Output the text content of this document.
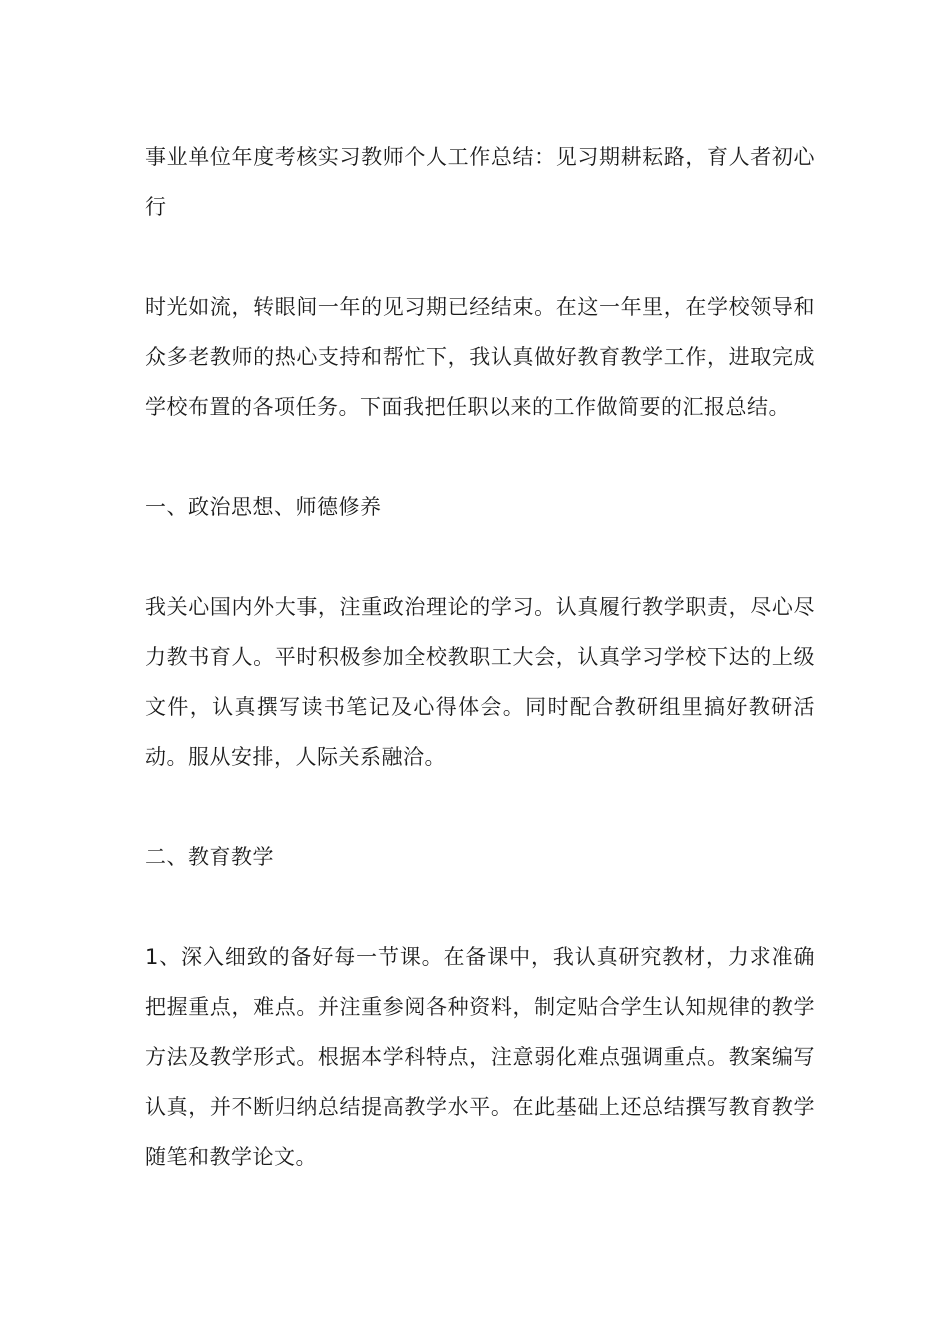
事业单位年度考核实习教师个人工作总结：见习期耕耘路，育人者初心行

时光如流，转眼间一年的见习期已经结束。在这一年里，在学校领导和众多老教师的热心支持和帮忙下，我认真做好教育教学工作，进取完成学校布置的各项任务。下面我把任职以来的工作做简要的汇报总结。

一、政治思想、师德修养

我关心国内外大事，注重政治理论的学习。认真履行教学职责，尽心尽力教书育人。平时积极参加全校教职工大会，认真学习学校下达的上级文件，认真撰写读书笔记及心得体会。同时配合教研组里搞好教研活动。服从安排，人际关系融洽。

二、教育教学

1、深入细致的备好每一节课。在备课中，我认真研究教材，力求准确把握重点，难点。并注重参阅各种资料，制定贴合学生认知规律的教学方法及教学形式。根据本学科特点，注意弱化难点强调重点。教案编写认真，并不断归纳总结提高教学水平。在此基础上还总结撰写教育教学随笔和教学论文。
